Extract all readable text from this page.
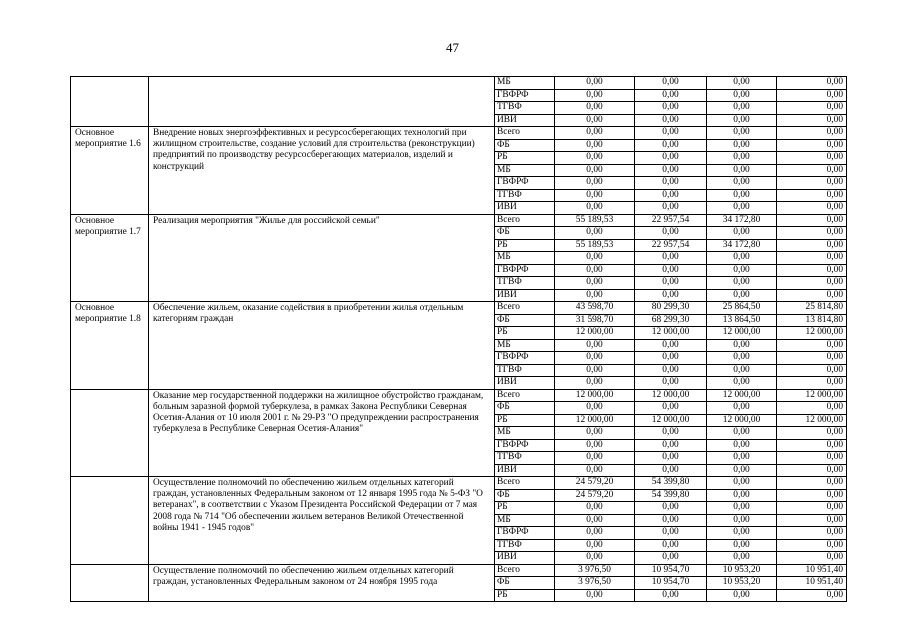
47
		МБ	0,00	0,00	0,00	0,00
		ГВФРФ	0,00	0,00	0,00	0,00
		ТГВФ	0,00	0,00	0,00	0,00
		ИВИ	0,00	0,00	0,00	0,00
Основное мероприятие 1.6	Внедрение новых энергоэффективных и ресурсосберегающих технологий при жилищном строительстве, создание условий для строительства (реконструкции) предприятий по производству ресурсосберегающих материалов, изделий и конструкций	Всего	0,00	0,00	0,00	0,00
		ФБ	0,00	0,00	0,00	0,00
		РБ	0,00	0,00	0,00	0,00
		МБ	0,00	0,00	0,00	0,00
		ГВФРФ	0,00	0,00	0,00	0,00
		ТГВФ	0,00	0,00	0,00	0,00
		ИВИ	0,00	0,00	0,00	0,00
Основное мероприятие 1.7	Реализация мероприятия "Жилье для российской семьи"	Всего	55 189,53	22 957,54	34 172,80	0,00
		ФБ	0,00	0,00	0,00	0,00
		РБ	55 189,53	22 957,54	34 172,80	0,00
		МБ	0,00	0,00	0,00	0,00
		ГВФРФ	0,00	0,00	0,00	0,00
		ТГВФ	0,00	0,00	0,00	0,00
		ИВИ	0,00	0,00	0,00	0,00
Основное мероприятие 1.8	Обеспечение жильем, оказание содействия в приобретении жилья отдельным категориям граждан	Всего	43 598,70	80 299,30	25 864,50	25 814,80
		ФБ	31 598,70	68 299,30	13 864,50	13 814,80
		РБ	12 000,00	12 000,00	12 000,00	12 000,00
		МБ	0,00	0,00	0,00	0,00
		ГВФРФ	0,00	0,00	0,00	0,00
		ТГВФ	0,00	0,00	0,00	0,00
		ИВИ	0,00	0,00	0,00	0,00
	Оказание мер государственной поддержки на жилищное обустройство гражданам, больным заразной формой туберкулеза, в рамках Закона Республики Северная Осетия-Алания от 10 июля 2001 г. № 29-РЗ "О предупреждении распространения туберкулеза в Республике Северная Осетия-Алания"	Всего	12 000,00	12 000,00	12 000,00	12 000,00
		ФБ	0,00	0,00	0,00	0,00
		РБ	12 000,00	12 000,00	12 000,00	12 000,00
		МБ	0,00	0,00	0,00	0,00
		ГВФРФ	0,00	0,00	0,00	0,00
		ТГВФ	0,00	0,00	0,00	0,00
		ИВИ	0,00	0,00	0,00	0,00
	Осуществление полномочий по обеспечению жильем отдельных категорий граждан, установленных Федеральным законом от 12 января 1995 года № 5-ФЗ "О ветеранах", в соответствии с Указом Президента Российской Федерации от 7 мая 2008 года № 714 "Об обеспечении жильем ветеранов Великой Отечественной войны 1941 - 1945 годов"	Всего	24 579,20	54 399,80	0,00	0,00
		ФБ	24 579,20	54 399,80	0,00	0,00
		РБ	0,00	0,00	0,00	0,00
		МБ	0,00	0,00	0,00	0,00
		ГВФРФ	0,00	0,00	0,00	0,00
		ТГВФ	0,00	0,00	0,00	0,00
		ИВИ	0,00	0,00	0,00	0,00
	Осуществление полномочий по обеспечению жильем отдельных категорий граждан, установленных Федеральным законом от 24 ноября 1995 года	Всего	3 976,50	10 954,70	10 953,20	10 951,40
		ФБ	3 976,50	10 954,70	10 953,20	10 951,40
		РБ	0,00	0,00	0,00	0,00
